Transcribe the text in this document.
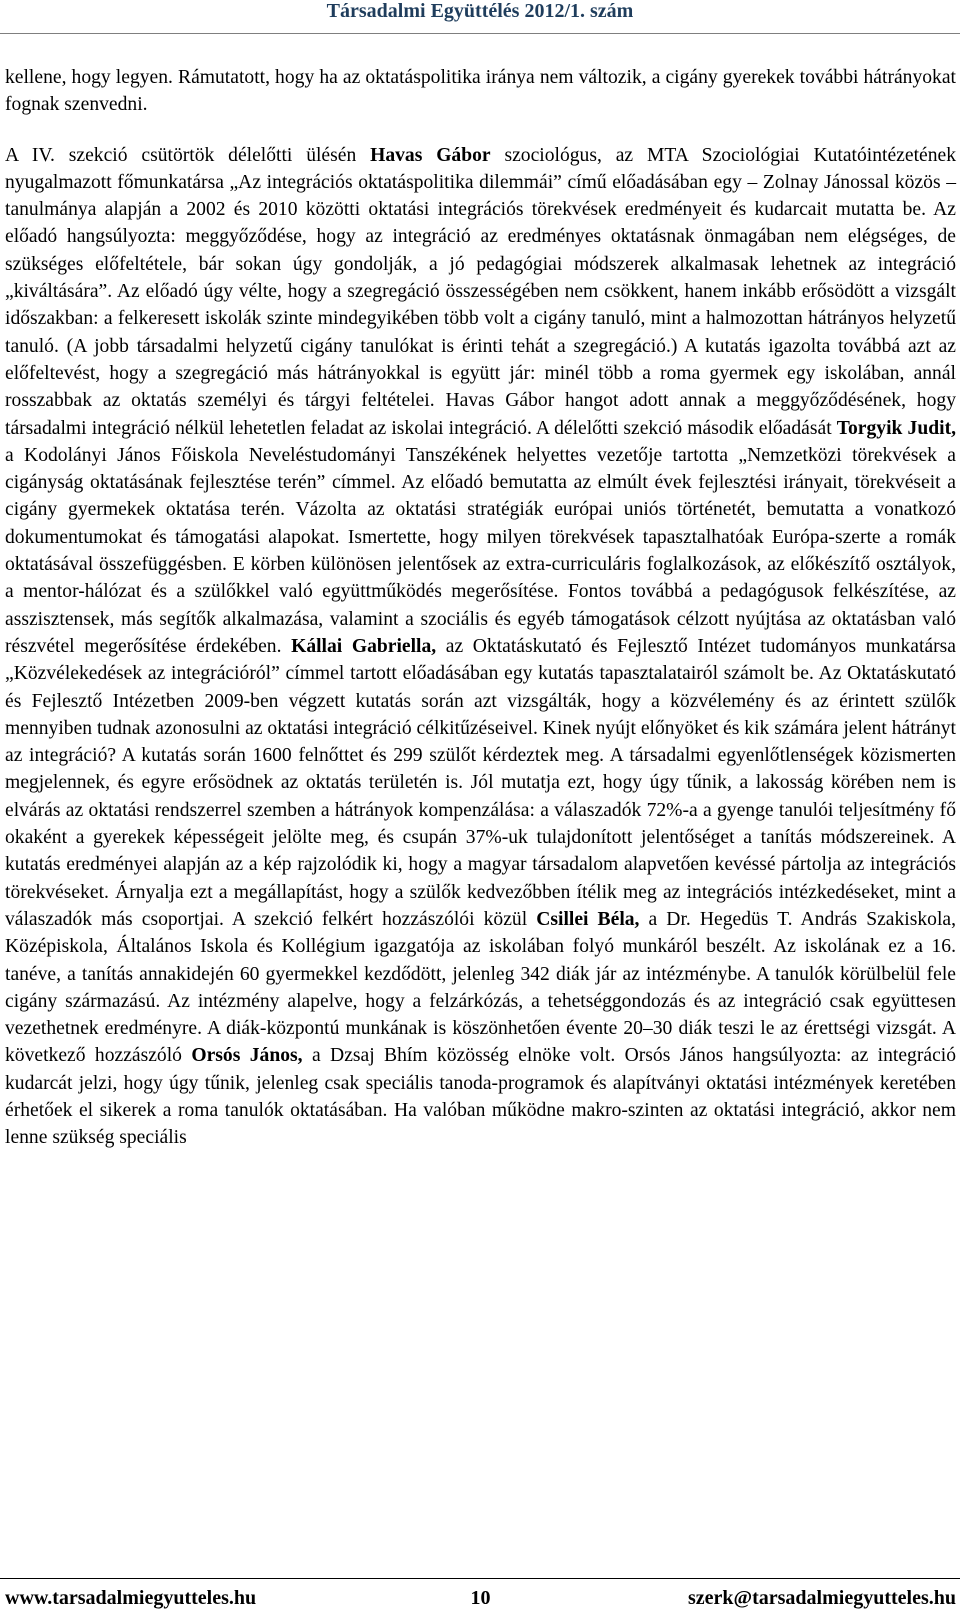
Társadalmi Együttélés 2012/1. szám

kellene, hogy legyen. Rámutatott, hogy ha az oktatáspolitika iránya nem változik, a cigány gyerekek további hátrányokat fognak szenvedni.

A IV. szekció csütörtök délelőtti ülésén Havas Gábor szociológus, az MTA Szociológiai Kutatóintézetének nyugalmazott főmunkatársa „Az integrációs oktatáspolitika dilemmái” című előadásában egy – Zolnay Jánossal közös – tanulmánya alapján a 2002 és 2010 közötti oktatási integrációs törekvések eredményeit és kudarcait mutatta be. Az előadó hangsúlyozta: meggyőződése, hogy az integráció az eredményes oktatásnak önmagában nem elégséges, de szükséges előfeltétele, bár sokan úgy gondolják, a jó pedagógiai módszerek alkalmasak lehetnek az integráció „kiváltására”. Az előadó úgy vélte, hogy a szegregáció összességében nem csökkent, hanem inkább erősödött a vizsgált időszakban: a felkeresett iskolák szinte mindegyikében több volt a cigány tanuló, mint a halmozottan hátrányos helyzetű tanuló. (A jobb társadalmi helyzetű cigány tanulókat is érinti tehát a szegregáció.) A kutatás igazolta továbbá azt az előfeltevést, hogy a szegregáció más hátrányokkal is együtt jár: minél több a roma gyermek egy iskolában, annál rosszabbak az oktatás személyi és tárgyi feltételei. Havas Gábor hangot adott annak a meggyőződésének, hogy társadalmi integráció nélkül lehetetlen feladat az iskolai integráció. A délelőtti szekció második előadását Torgyik Judit, a Kodolányi János Főiskola Neveléstudományi Tanszékének helyettes vezetője tartotta „Nemzetközi törekvések a cigányság oktatásának fejlesztése terén” címmel. Az előadó bemutatta az elmúlt évek fejlesztési irányait, törekvéseit a cigány gyermekek oktatása terén. Vázolta az oktatási stratégiák európai uniós történetét, bemutatta a vonatkozó dokumentumokat és támogatási alapokat. Ismertette, hogy milyen törekvések tapasztalhatóak Európa-szerte a romák oktatásával összefüggésben. E körben különösen jelentősek az extra-curriculáris foglalkozások, az előkészítő osztályok, a mentor-hálózat és a szülőkkel való együttműködés megerősítése. Fontos továbbá a pedagógusok felkészítése, az asszisztensek, más segítők alkalmazása, valamint a szociális és egyéb támogatások célzott nyújtása az oktatásban való részvétel megerősítése érdekében. Kállai Gabriella, az Oktatáskutató és Fejlesztő Intézet tudományos munkatársa „Közvélekedések az integrációról” címmel tartott előadásában egy kutatás tapasztalatairól számolt be. Az Oktatáskutató és Fejlesztő Intézetben 2009-ben végzett kutatás során azt vizsgálták, hogy a közvélemény és az érintett szülők mennyiben tudnak azonosulni az oktatási integráció célkitűzéseivel. Kinek nyújt előnyöket és kik számára jelent hátrányt az integráció? A kutatás során 1600 felnőttet és 299 szülőt kérdeztek meg. A társadalmi egyenlőtlenségek közismerten megjelennek, és egyre erősödnek az oktatás területén is. Jól mutatja ezt, hogy úgy tűnik, a lakosság körében nem is elvárás az oktatási rendszerrel szemben a hátrányok kompenzálása: a válaszadók 72%-a a gyenge tanulói teljesítmény fő okaként a gyerekek képességeit jelölte meg, és csupán 37%-uk tulajdonított jelentőséget a tanítás módszereinek. A kutatás eredményei alapján az a kép rajzolódik ki, hogy a magyar társadalom alapvetően kevéssé pártolja az integrációs törekvéseket. Árnyalja ezt a megállapítást, hogy a szülők kedvezőbben ítélik meg az integrációs intézkedéseket, mint a válaszadók más csoportjai. A szekció felkért hozzászólói közül Csillei Béla, a Dr. Hegedüs T. András Szakiskola, Középiskola, Általános Iskola és Kollégium igazgatója az iskolában folyó munkáról beszélt. Az iskolának ez a 16. tanéve, a tanítás annakidején 60 gyermekkel kezdődött, jelenleg 342 diák jár az intézménybe. A tanulók körülbelül fele cigány származású. Az intézmény alapelve, hogy a felzárkózás, a tehetséggondozás és az integráció csak együttesen vezethetnek eredményre. A diák-központú munkának is köszönhetően évente 20–30 diák teszi le az érettségi vizsgát. A következő hozzászóló Orsós János, a Dzsaj Bhím közösség elnöke volt. Orsós János hangsúlyozta: az integráció kudarcát jelzi, hogy úgy tűnik, jelenleg csak speciális tanoda-programok és alapítványi oktatási intézmények keretében érhetőek el sikerek a roma tanulók oktatásában. Ha valóban működne makro-szinten az oktatási integráció, akkor nem lenne szükség speciális

www.tarsadalmiegyutteles.hu	10	szerk@tarsadalmiegyutteles.hu
